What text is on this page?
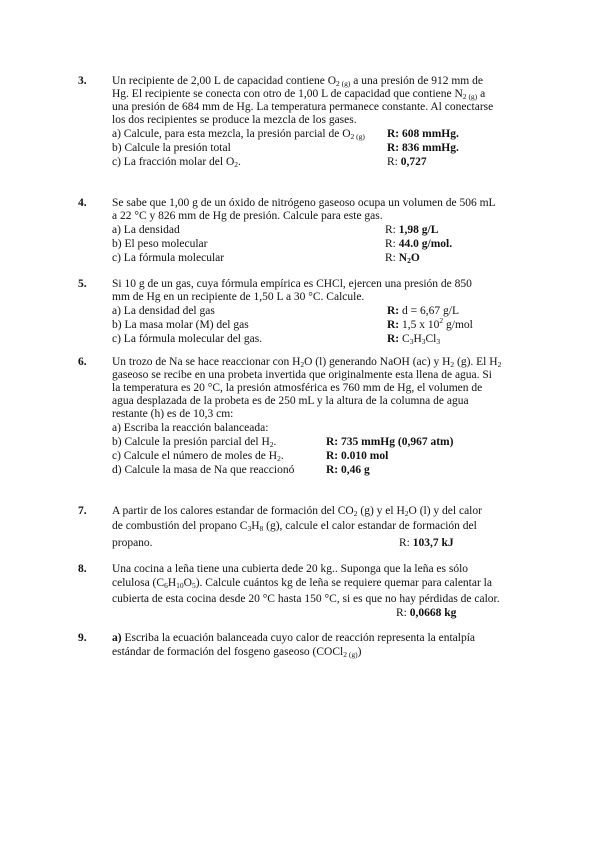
3. Un recipiente de 2,00 L de capacidad contiene $O_{2 (g)}$ a una presión de 912 mm de
Hg. El recipiente se conecta con otro de 1,00 L de capacidad que contiene $N_{2 (g)}$ a
una presión de 684 mm de Hg. La temperatura permanece constante. Al conectarse
los dos recipientes se produce la mezcla de los gases.
a) Calcule, para esta mezcla, la presión parcial de $O_{2 (g)}$ R: 608 mmHg.
b) Calcule la presión total	R: 836 mmHg.
c) La fracción molar del $O_2$.	R: 0,727
4. Se sabe que 1,00 g de un óxido de nitrógeno gaseoso ocupa un volumen de 506 mL
a 22 °C y 826 mm de Hg de presión. Calcule para este gas.
a) La densidad	R: 1,98 g/L
b) El peso molecular	R: 44.0 g/mol.
c) La fórmula molecular	R: $N_2O$
5. Si 10 g de un gas, cuya fórmula empírica es CHCl, ejercen una presión de 850
mm de Hg en un recipiente de 1,50 L a 30 °C. Calcule.
a) La densidad del gas	R: d = 6,67 g/L
b) La masa molar (M) del gas	R: 1,5 x $10^2$ g/mol
c) La fórmula molecular del gas.	R: $C_3H_3Cl_3$
6. Un trozo de Na se hace reaccionar con $H_2O$ (l) generando NaOH (ac) y $H_2$ (g). El $H_2$
gaseoso se recibe en una probeta invertida que originalmente esta llena de agua. Si
la temperatura es 20 °C, la presión atmosférica es 760 mm de Hg, el volumen de
agua desplazada de la probeta es de 250 mL y la altura de la columna de agua
restante (h) es de 10,3 cm:
a) Escriba la reacción balanceada:
b) Calcule la presión parcial del $H_2$.	R: 735 mmHg (0,967 atm)
c) Calcule el número de moles de $H_2$.	R: 0.010 mol
d) Calcule la masa de Na que reaccionó	R: 0,46 g
7. A partir de los calores estandar de formación del $CO_2$ (g) y el $H_2O$ (l) y del calor
de combustión del propano $C_3H_8$ (g), calcule el calor estandar de formación del
propano.	R: 103,7 kJ
8. Una cocina a leña tiene una cubierta dede 20 kg.. Suponga que la leña es sólo
celulosa $(C_6H_{10}O_5)$. Calcule cuántos kg de leña se requiere quemar para calentar la
cubierta de esta cocina desde 20 °C hasta 150 °C, si es que no hay pérdidas de calor.
R: 0,0668 kg
9. a) Escriba la ecuación balanceada cuyo calor de reacción representa la entalpía
estándar de formación del fosgeno gaseoso (COCl$_{2 (g)}$)
